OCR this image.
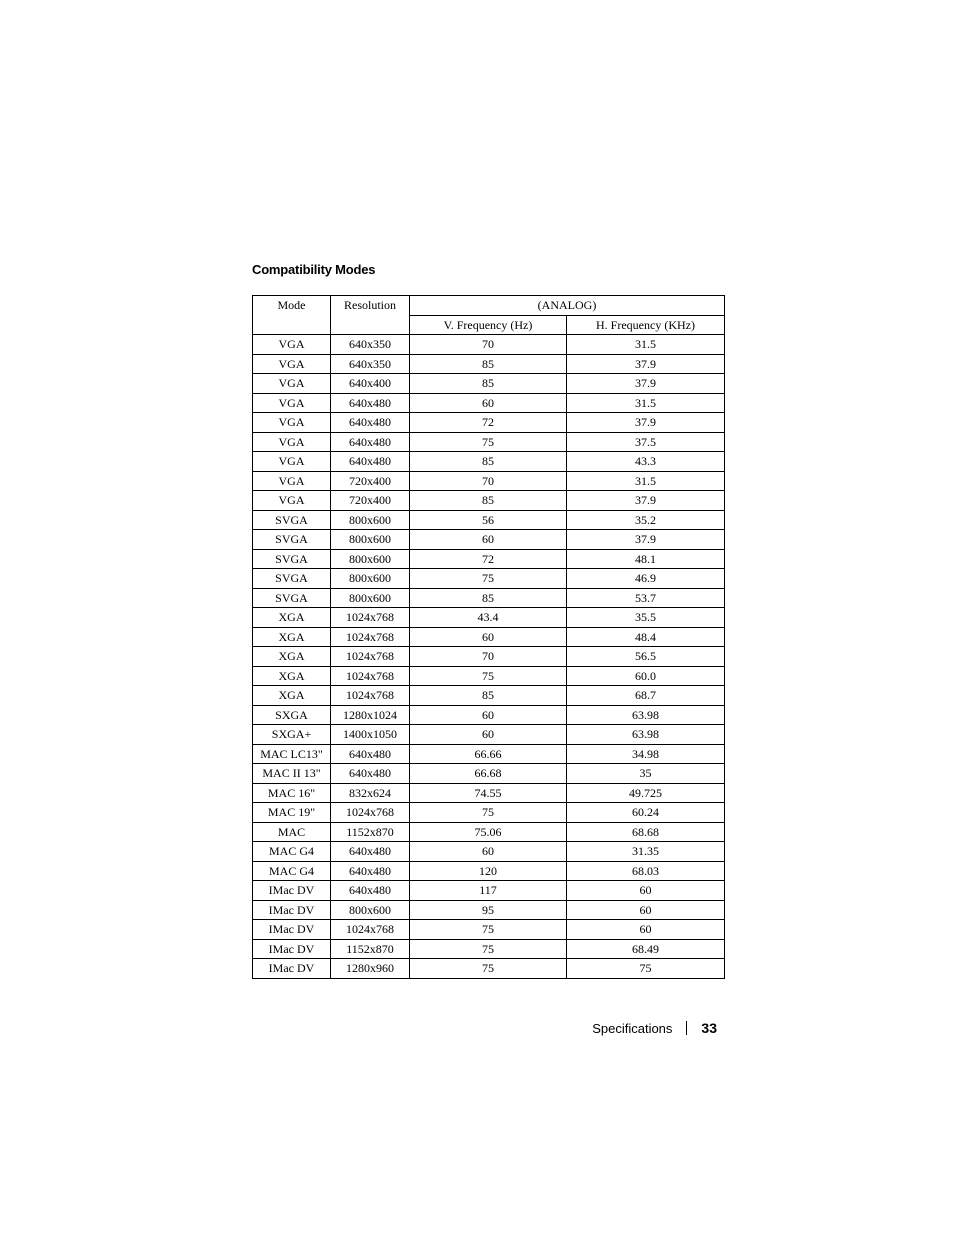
Compatibility Modes
Mode	Resolution	(ANALOG)	
		V. Frequency (Hz)	H. Frequency (KHz)
VGA	640x350	70	31.5
VGA	640x350	85	37.9
VGA	640x400	85	37.9
VGA	640x480	60	31.5
VGA	640x480	72	37.9
VGA	640x480	75	37.5
VGA	640x480	85	43.3
VGA	720x400	70	31.5
VGA	720x400	85	37.9
SVGA	800x600	56	35.2
SVGA	800x600	60	37.9
SVGA	800x600	72	48.1
SVGA	800x600	75	46.9
SVGA	800x600	85	53.7
XGA	1024x768	43.4	35.5
XGA	1024x768	60	48.4
XGA	1024x768	70	56.5
XGA	1024x768	75	60.0
XGA	1024x768	85	68.7
SXGA	1280x1024	60	63.98
SXGA+	1400x1050	60	63.98
MAC LC13"	640x480	66.66	34.98
MAC II 13"	640x480	66.68	35
MAC 16"	832x624	74.55	49.725
MAC 19"	1024x768	75	60.24
MAC	1152x870	75.06	68.68
MAC G4	640x480	60	31.35
MAC G4	640x480	120	68.03
IMac DV	640x480	117	60
IMac DV	800x600	95	60
IMac DV	1024x768	75	60
IMac DV	1152x870	75	68.49
IMac DV	1280x960	75	75
Specifications 33
